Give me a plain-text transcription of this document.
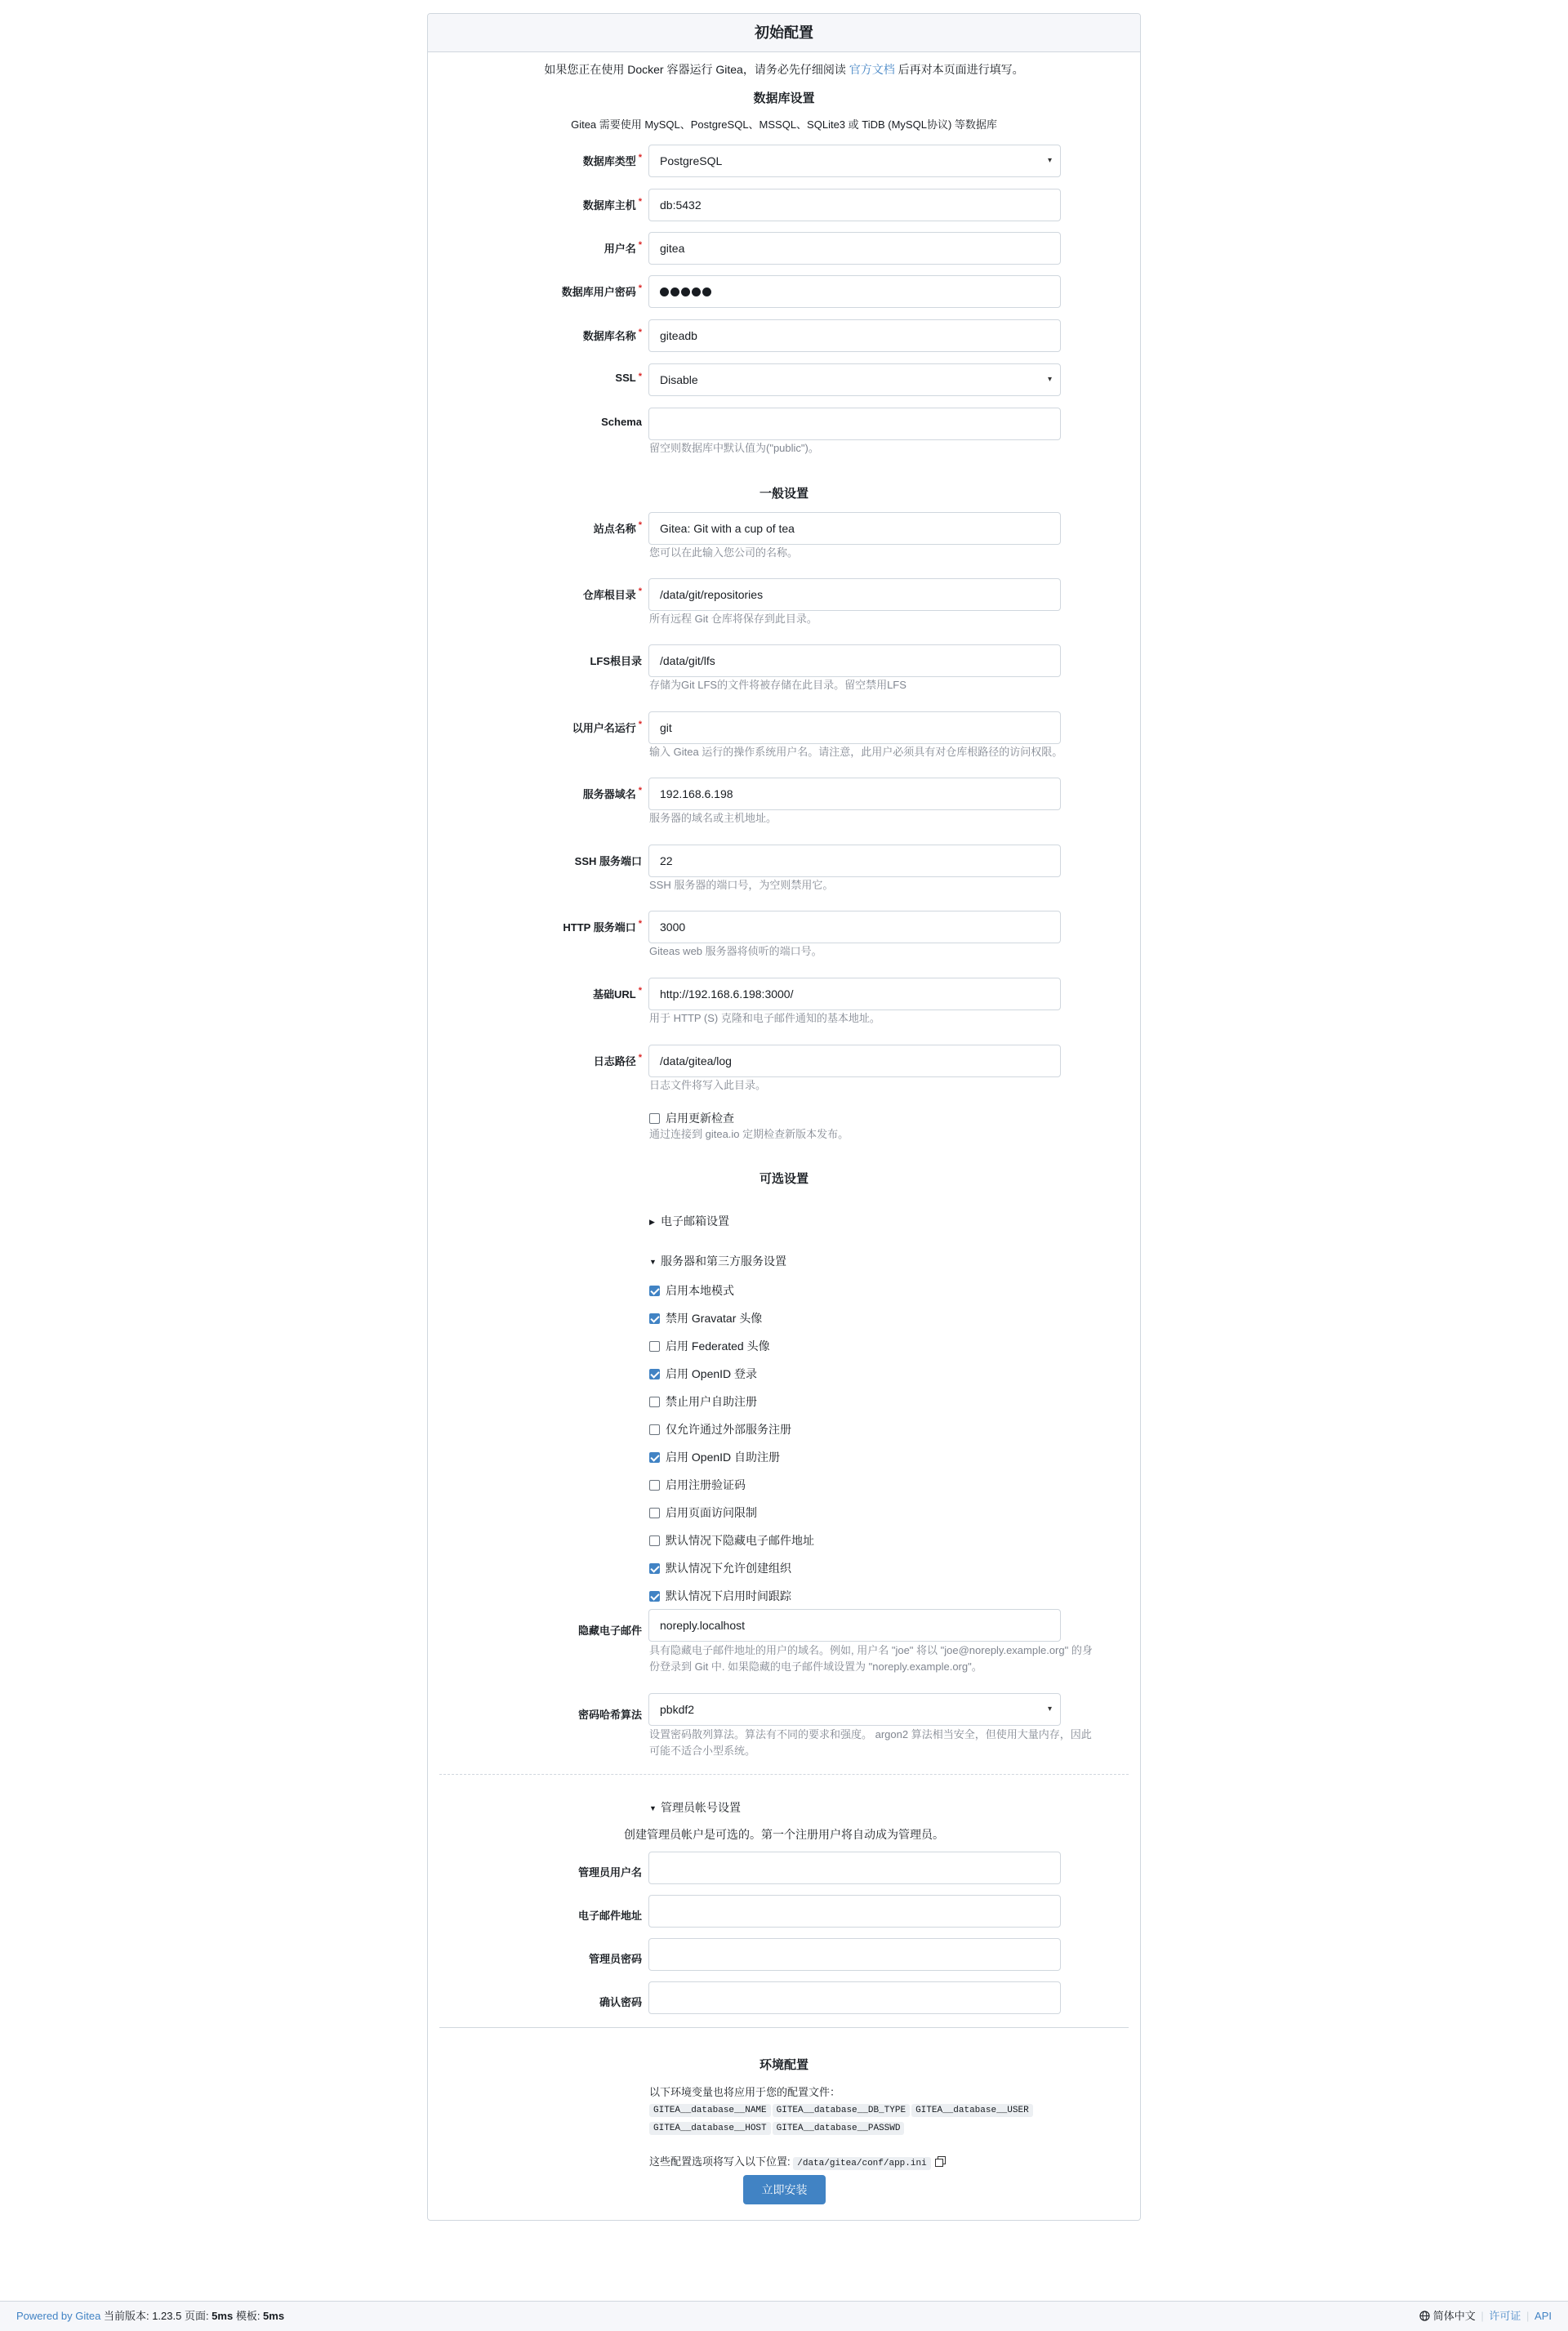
初始配置
如果您正在使用 Docker 容器运行 Gitea，请务必先仔细阅读 官方文档 后再对本页面进行填写。
数据库设置
Gitea 需要使用 MySQL、PostgreSQL、MSSQL、SQLite3 或 TiDB (MySQL协议) 等数据库
数据库类型 *	PostgreSQL	▾
数据库主机 *	db:5432
用户名 *	gitea
数据库用户密码 *
数据库名称 *	giteadb
SSL *	Disable	▾
Schema
留空则数据库中默认值为("public")。
一般设置
站点名称 *	Gitea: Git with a cup of tea
您可以在此输入您公司的名称。
仓库根目录 *	/data/git/repositories
所有远程 Git 仓库将保存到此目录。
LFS根目录	/data/git/lfs
存储为Git LFS的文件将被存储在此目录。留空禁用LFS
以用户名运行 *	git
输入 Gitea 运行的操作系统用户名。请注意，此用户必须具有对仓库根路径的访问权限。
服务器域名 *	192.168.6.198
服务器的域名或主机地址。
SSH 服务端口	22
SSH 服务器的端口号，为空则禁用它。
HTTP 服务端口 *	3000
Giteas web 服务器将侦听的端口号。
基础URL *	http://192.168.6.198:3000/
用于 HTTP (S) 克隆和电子邮件通知的基本地址。
日志路径 *	/data/gitea/log
日志文件将写入此目录。
启用更新检查
通过连接到 gitea.io 定期检查新版本发布。
可选设置
▶ 电子邮箱设置
▼ 服务器和第三方服务设置
启用本地模式
禁用 Gravatar 头像
启用 Federated 头像
启用 OpenID 登录
禁止用户自助注册
仅允许通过外部服务注册
启用 OpenID 自助注册
启用注册验证码
启用页面访问限制
默认情况下隐藏电子邮件地址
默认情况下允许创建组织
默认情况下启用时间跟踪
隐藏电子邮件	noreply.localhost
具有隐藏电子邮件地址的用户的域名。例如, 用户名 "joe" 将以 "joe@noreply.example.org" 的身份登录到 Git 中. 如果隐藏的电子邮件域设置为 "noreply.example.org"。
密码哈希算法	pbkdf2	▾
设置密码散列算法。算法有不同的要求和强度。 argon2 算法相当安全，但使用大量内存，因此可能不适合小型系统。
▼ 管理员帐号设置
创建管理员帐户是可选的。第一个注册用户将自动成为管理员。
管理员用户名
电子邮件地址
管理员密码
确认密码
环境配置
以下环境变量也将应用于您的配置文件：
GITEA__database__NAME GITEA__database__DB_TYPE GITEA__database__USERGITEA__database__HOST GITEA__database__PASSWD
这些配置选项将写入以下位置: /data/gitea/conf/app.ini
立即安装
Powered by Gitea 当前版本: 1.23.5 页面: 5ms 模板: 5ms	简体中文 | 许可证 | API
